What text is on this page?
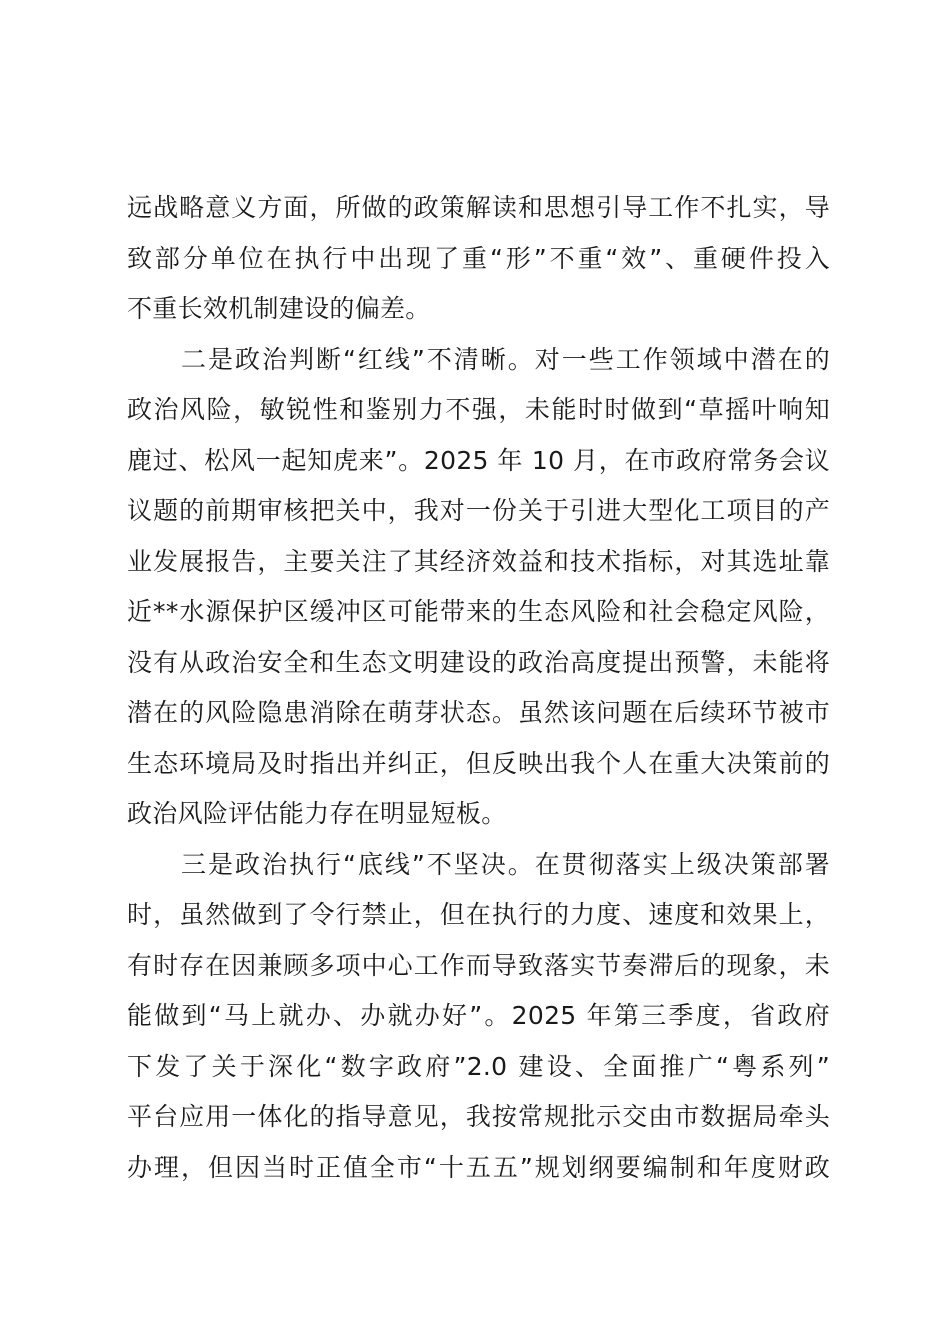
远战略意义方面，所做的政策解读和思想引导工作不扎实，导
致部分单位在执行中出现了重“形”不重“效”、重硬件投入
不重长效机制建设的偏差。
二是政治判断“红线”不清晰。对一些工作领域中潜在的
政治风险，敏锐性和鉴别力不强，未能时时做到“草摇叶响知
鹿过、松风一起知虎来”。2025 年 10 月，在市政府常务会议
议题的前期审核把关中，我对一份关于引进大型化工项目的产
业发展报告，主要关注了其经济效益和技术指标，对其选址靠
近**水源保护区缓冲区可能带来的生态风险和社会稳定风险，
没有从政治安全和生态文明建设的政治高度提出预警，未能将
潜在的风险隐患消除在萌芽状态。虽然该问题在后续环节被市
生态环境局及时指出并纠正，但反映出我个人在重大决策前的
政治风险评估能力存在明显短板。
三是政治执行“底线”不坚决。在贯彻落实上级决策部署
时，虽然做到了令行禁止，但在执行的力度、速度和效果上，
有时存在因兼顾多项中心工作而导致落实节奏滞后的现象，未
能做到“马上就办、办就办好”。2025 年第三季度，省政府
下发了关于深化“数字政府”2.0 建设、全面推广“粤系列”
平台应用一体化的指导意见，我按常规批示交由市数据局牵头
办理，但因当时正值全市“十五五”规划纲要编制和年度财政
